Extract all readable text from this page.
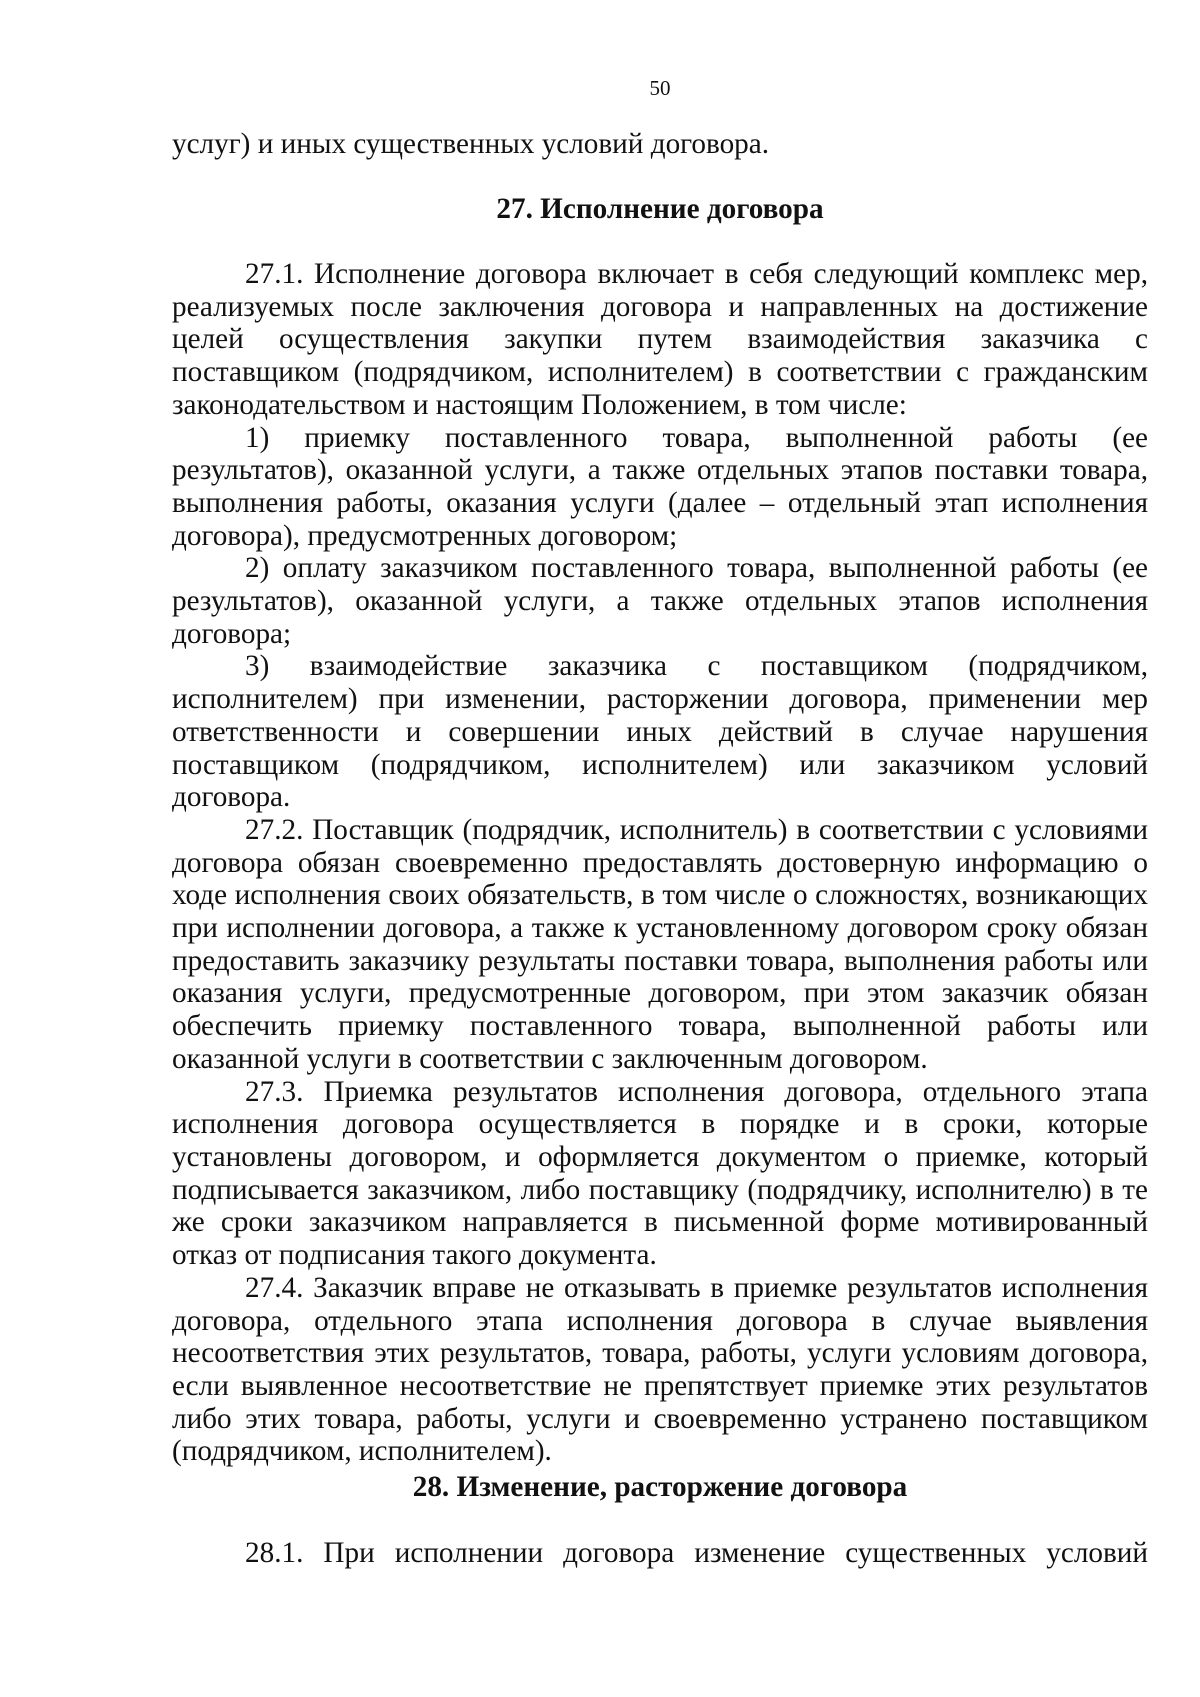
50

услуг) и иных существенных условий договора.

27. Исполнение договора

27.1. Исполнение договора включает в себя следующий комплекс мер, реализуемых после заключения договора и направленных на достижение целей осуществления закупки путем взаимодействия заказчика с поставщиком (подрядчиком, исполнителем) в соответствии с гражданским законодательством и настоящим Положением, в том числе:

1) приемку поставленного товара, выполненной работы (ее результатов), оказанной услуги, а также отдельных этапов поставки товара, выполнения работы, оказания услуги (далее – отдельный этап исполнения договора), предусмотренных договором;

2) оплату заказчиком поставленного товара, выполненной работы (ее результатов), оказанной услуги, а также отдельных этапов исполнения договора;

3) взаимодействие заказчика с поставщиком (подрядчиком, исполнителем) при изменении, расторжении договора, применении мер ответственности и совершении иных действий в случае нарушения поставщиком (подрядчиком, исполнителем) или заказчиком условий договора.

27.2. Поставщик (подрядчик, исполнитель) в соответствии с условиями договора обязан своевременно предоставлять достоверную информацию о ходе исполнения своих обязательств, в том числе о сложностях, возникающих при исполнении договора, а также к установленному договором сроку обязан предоставить заказчику результаты поставки товара, выполнения работы или оказания услуги, предусмотренные договором, при этом заказчик обязан обеспечить приемку поставленного товара, выполненной работы или оказанной услуги в соответствии с заключенным договором.

27.3. Приемка результатов исполнения договора, отдельного этапа исполнения договора осуществляется в порядке и в сроки, которые установлены договором, и оформляется документом о приемке, который подписывается заказчиком, либо поставщику (подрядчику, исполнителю) в те же сроки заказчиком направляется в письменной форме мотивированный отказ от подписания такого документа.

27.4. Заказчик вправе не отказывать в приемке результатов исполнения договора, отдельного этапа исполнения договора в случае выявления несоответствия этих результатов, товара, работы, услуги условиям договора, если выявленное несоответствие не препятствует приемке этих результатов либо этих товара, работы, услуги и своевременно устранено поставщиком (подрядчиком, исполнителем).

28. Изменение, расторжение договора

28.1. При исполнении договора изменение существенных условий
